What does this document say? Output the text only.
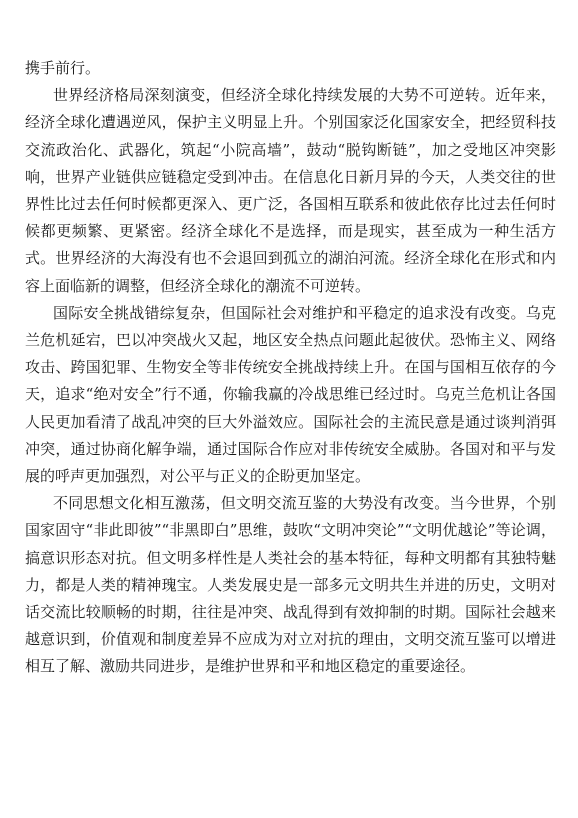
携手前行。

世界经济格局深刻演变，但经济全球化持续发展的大势不可逆转。近年来，经济全球化遭遇逆风，保护主义明显上升。个别国家泛化国家安全，把经贸科技交流政治化、武器化，筑起“小院高墙”，鼓动“脱钩断链”，加之受地区冲突影响，世界产业链供应链稳定受到冲击。在信息化日新月异的今天，人类交往的世界性比过去任何时候都更深入、更广泛，各国相互联系和彼此依存比过去任何时候都更频繁、更紧密。经济全球化不是选择，而是现实，甚至成为一种生活方式。世界经济的大海没有也不会退回到孤立的湖泊河流。经济全球化在形式和内容上面临新的调整，但经济全球化的潮流不可逆转。

国际安全挑战错综复杂，但国际社会对维护和平稳定的追求没有改变。乌克兰危机延宕，巴以冲突战火又起，地区安全热点问题此起彼伏。恐怖主义、网络攻击、跨国犯罪、生物安全等非传统安全挑战持续上升。在国与国相互依存的今天，追求“绝对安全”行不通，你输我赢的冷战思维已经过时。乌克兰危机让各国人民更加看清了战乱冲突的巨大外溢效应。国际社会的主流民意是通过谈判消弭冲突，通过协商化解争端，通过国际合作应对非传统安全威胁。各国对和平与发展的呼声更加强烈，对公平与正义的企盼更加坚定。

不同思想文化相互激荡，但文明交流互鉴的大势没有改变。当今世界，个别国家固守“非此即彼”“非黑即白”思维，鼓吹“文明冲突论”“文明优越论”等论调，搞意识形态对抗。但文明多样性是人类社会的基本特征，每种文明都有其独特魅力，都是人类的精神瑰宝。人类发展史是一部多元文明共生并进的历史，文明对话交流比较顺畅的时期，往往是冲突、战乱得到有效抑制的时期。国际社会越来越意识到，价值观和制度差异不应成为对立对抗的理由，文明交流互鉴可以增进相互了解、激励共同进步，是维护世界和平和地区稳定的重要途径。
